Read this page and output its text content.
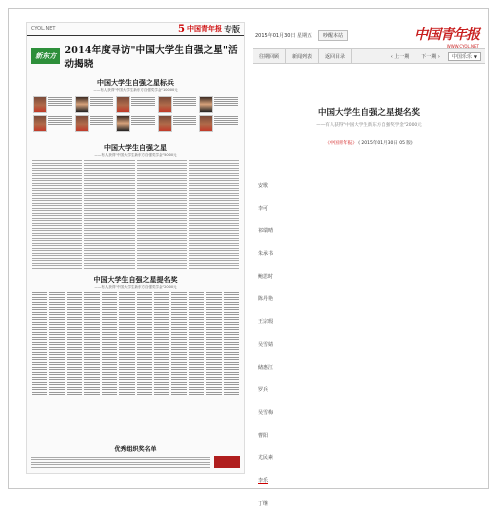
CYOL.NET	5 中国青年报 专版
新东方 2014年度寻访"中国大学生自强之星"活动揭晓
中国大学生自强之星标兵
——有人获得"中国大学生新东方自强奖学金"10000元
中国大学生自强之星
——有人获得"中国大学生新东方自强奖学金"5000元
中国大学生自强之星提名奖
——有人获得"中国大学生新东方自强奖学金"2000元
优秀组织奖名单
2015年01月30日 星期五	吵醒本站	中国青年报
WWW.CYOL.NET
往期回顾	新闻列表	返回目录	‹ 上一期	下一期 ›	中国乐乐 ▼
中国大学生自强之星提名奖
——有人获得"中国大学生新东方自强奖学金"2000元
《中国青年报》 ( 2015年01月30日 05 版)
安歌
李可
祁瑞晴
朱承书
鲍思时
陈丹艳
王宗瑕
吴雪婧
储惠江
罗兵
吴雪梅
曹阳
尤民素
李乐
丁继
